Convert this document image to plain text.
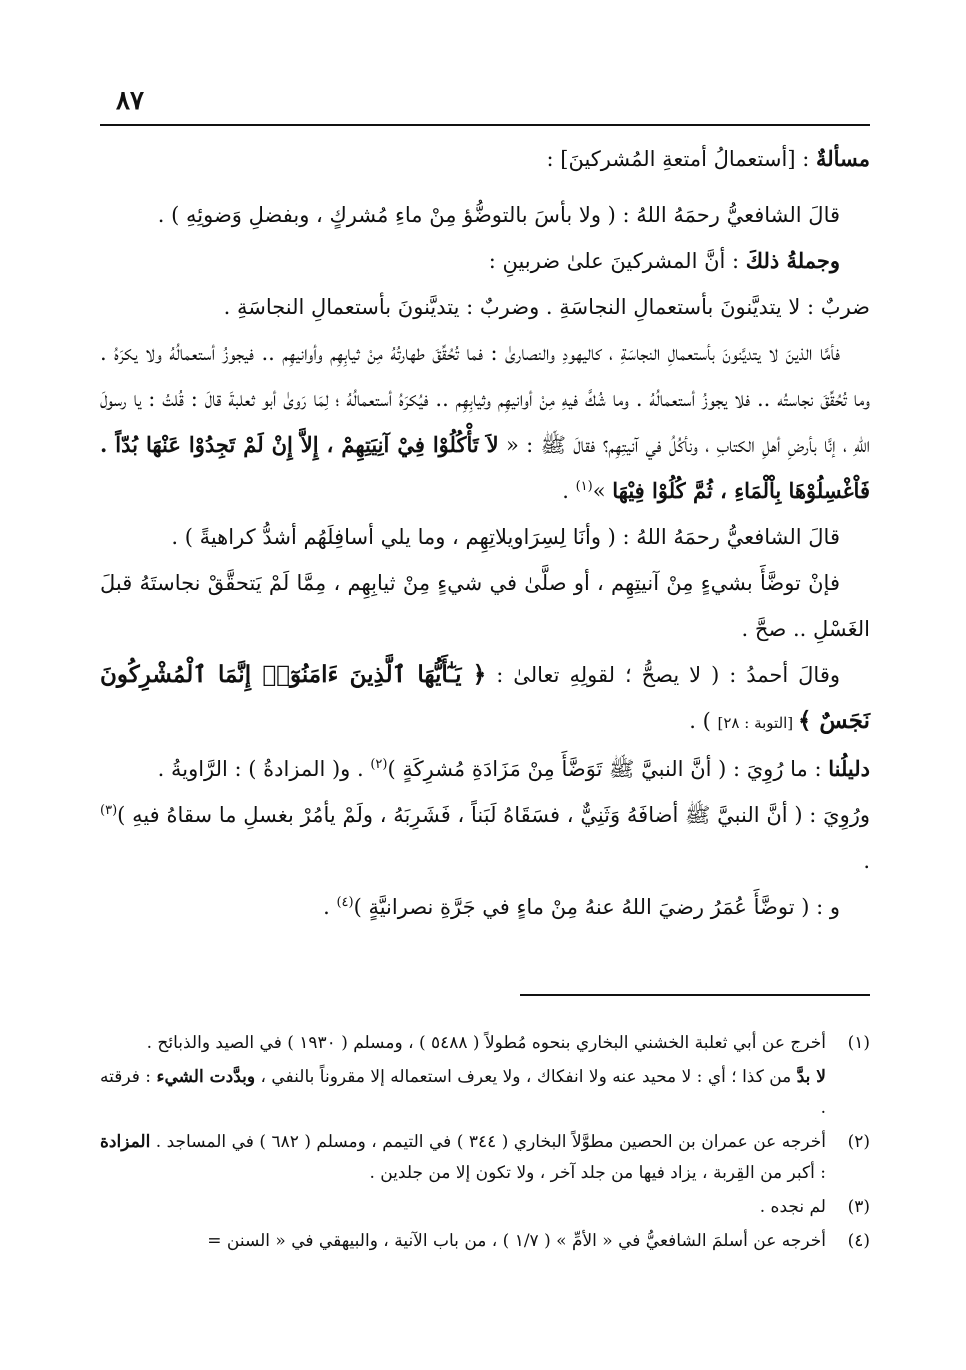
٨٧

مسألةٌ : [أستعمالُ أمتعةِ المُشركينَ] :

قالَ الشافعيُّ رحمَهُ اللهُ : ( ولا بأسَ بالتوضُّؤ مِنْ ماءِ مُشركٍ ، وبفضلِ وَضوئِهِ ) .

وجملةُ ذلكَ : أنَّ المشركينَ علىٰ ضربينِ :

ضربٌ : لا يتديَّنونَ بأستعمالِ النجاسَةِ . وضربٌ : يتديَّنونَ بأستعمالِ النجاسَةِ .

فأمَّا الذينَ لا يتديَّنونَ بأستعمالِ النجاسَةِ ، كاليهودِ والنصارىٰ : فما تُحُقِّقَ طهارتُهُ مِنْ ثيابِهِم وأوانيهِم .. فيجوزُ أستعمالُهُ ولا يكرَهُ . وما تُحُقِّقَ نجاستُه .. فلا يجوزُ أستعمالُهُ . وما شُكَّ فيهِ مِنْ أوانيهِم وثيابِهِم .. فيُكرَهُ أستعمالُهُ ؛ لِمَا رَوىٰ أبو ثعلبةَ قالَ : قُلتُ : يا رسولَ اللهِ ، إنَّا بأرضِ أهلِ الكتابِ ، ونأكُلُ في آنيتِهِم؟ فقالَ ﷺ : « لاَ تَأْكُلُوْا فِيْ آنِيَتِهِمْ ، إِلاَّ إِنْ لَمْ تَجِدُوْا عَنْهَا بُدّاً . فَاْغْسِلُوْهَا بِاْلْمَاءِ ، ثُمَّ كُلُوْا فِيْهَا »$^{(١)}$ .

قالَ الشافعيُّ رحمَهُ اللهُ : ( وأنَا لِسِرَاويلاتِهِم ، وما يلي أسافِلَهُم أشدُّ كراهيةً ) .

فإنْ توضَّأَ بشيءٍ مِنْ آنيتِهِم ، أو صلَّىٰ في شيءٍ مِنْ ثيابِهِم ، مِمَّا لَمْ يَتحقَّقْ نجاستَهُ قبلَ الغَسْلِ .. صحَّ .

وقالَ أحمدُ : ( لا يصحُّ ؛ لقولِهِ تعالىٰ : ﴿ يَـٰٓأَيُّهَا ٱلَّذِينَ ءَامَنُوٓا۟ إِنَّمَا ٱلْمُشْرِكُونَ نَجَسٌ ﴾ [التوبة : ٢٨] ) .

دليلُنا : ما رُوِيَ : ( أنَّ النبيَّ ﷺ تَوَضَّأَ مِنْ مَزَادَةِ مُشرِكَةٍ )$^{(٢)}$ . و( المزادةُ ) : الرَّاويةُ .

ورُوِيَ : ( أنَّ النبيَّ ﷺ أضافَهُ وَثَنِيٌّ ، فسَقَاهُ لَبَناً ، فَشَرِبَهُ ، ولَمْ يأمُرْ بغسلِ ما سقاهُ فيهِ )$^{(٣)}$ .

و : ( توضَّأَ عُمَرُ رضيَ اللهُ عنهُ مِنْ ماءٍ في جَرَّةِ نصرانيَّةٍ )$^{(٤)}$ .

(١)
أخرج عن أبي ثعلبة الخشني البخاري بنحوه مُطولاً ( ٥٤٨٨ ) ، ومسلم ( ١٩٣٠ ) في الصيد والذبائح .
لا بدَّ من كذا ؛ أي : لا محيد عنه ولا انفكاك ، ولا يعرف استعماله إلا مقروناً بالنفي ، وبدَّدت الشيء : فرقته .
(٢)
أخرجه عن عمران بن الحصين مطوَّلاً البخاري ( ٣٤٤ ) في التيمم ، ومسلم ( ٦٨٢ ) في المساجد . المزادة : أكبر من القِربة ، يزاد فيها من جلد آخر ، ولا تكون إلا من جلدين .
(٣)
لم نجده .
(٤)
أخرجه عن أسلمَ الشافعيُّ في « الأمِّ » ( ١/٧ ) ، من باب الآنية ، والبيهقي في « السنن =
